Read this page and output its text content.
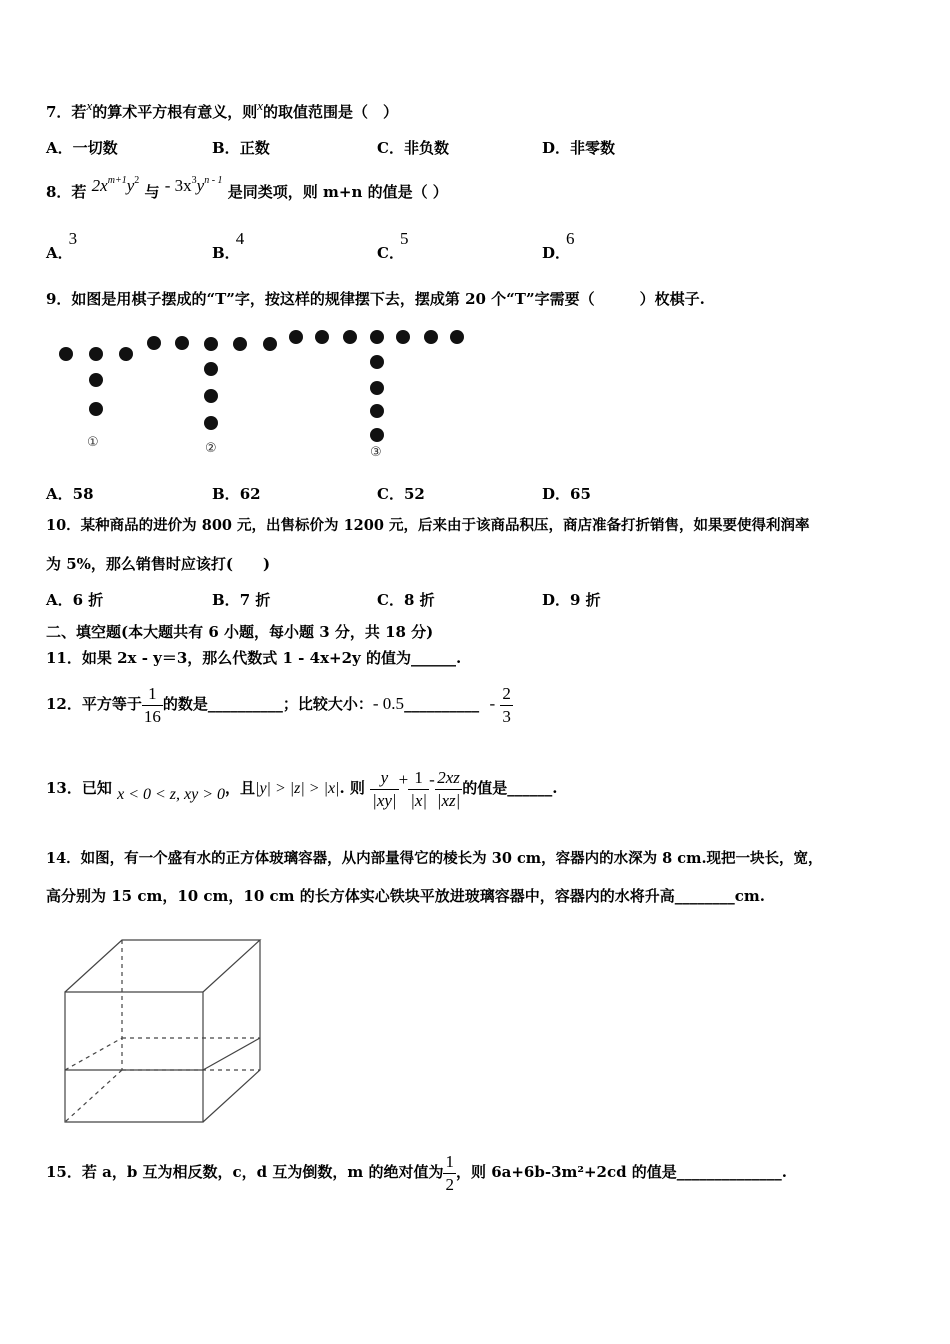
7．若x的算术平方根有意义，则x的取值范围是（　）
A．一切数	B．正数	C．非负数	D．非零数
8．若 $2x^{m+1}y^2$ 与 - $3x^3y^{n - 1}$ 是同类项，则 m+n 的值是（ ）
A．3
B．4
C．5
D．6
9．如图是用棋子摆成的“T”字，按这样的规律摆下去，摆成第 20 个“T”字需要（　　　）枚棋子.
①	②	③
A．58	B．62	C．52	D．65
10．某种商品的进价为 800 元，出售标价为 1200 元，后来由于该商品积压，商店准备打折销售，如果要使得利润率
为 5%，那么销售时应该打(　　)
A．6 折	B．7 折	C．8 折	D．9 折
二、填空题(本大题共有 6 小题，每小题 3 分，共 18 分)
11．如果 2x - y＝3，那么代数式 1 - 4x+2y 的值为______.
12．平方等于 $\frac{1}{16}$ 的数是__________；比较大小：- 0.5__________ - $\frac{2}{3}$
13．已知 x < 0 < z, xy > 0，且|y| > |z| > |x|. 则 $\frac{y}{|xy|} + \frac{1}{|x|} - \frac{2xz}{|xz|}$ 的值是______.
14．如图，有一个盛有水的正方体玻璃容器，从内部量得它的棱长为 30 cm，容器内的水深为 8 cm.现把一块长，宽，
高分别为 15 cm，10 cm，10 cm 的长方体实心铁块平放进玻璃容器中，容器内的水将升高________cm.
15．若 a，b 互为相反数，c，d 互为倒数，m 的绝对值为 $\frac{1}{2}$ ，则 6a+6b-3m²+2cd 的值是______________.
